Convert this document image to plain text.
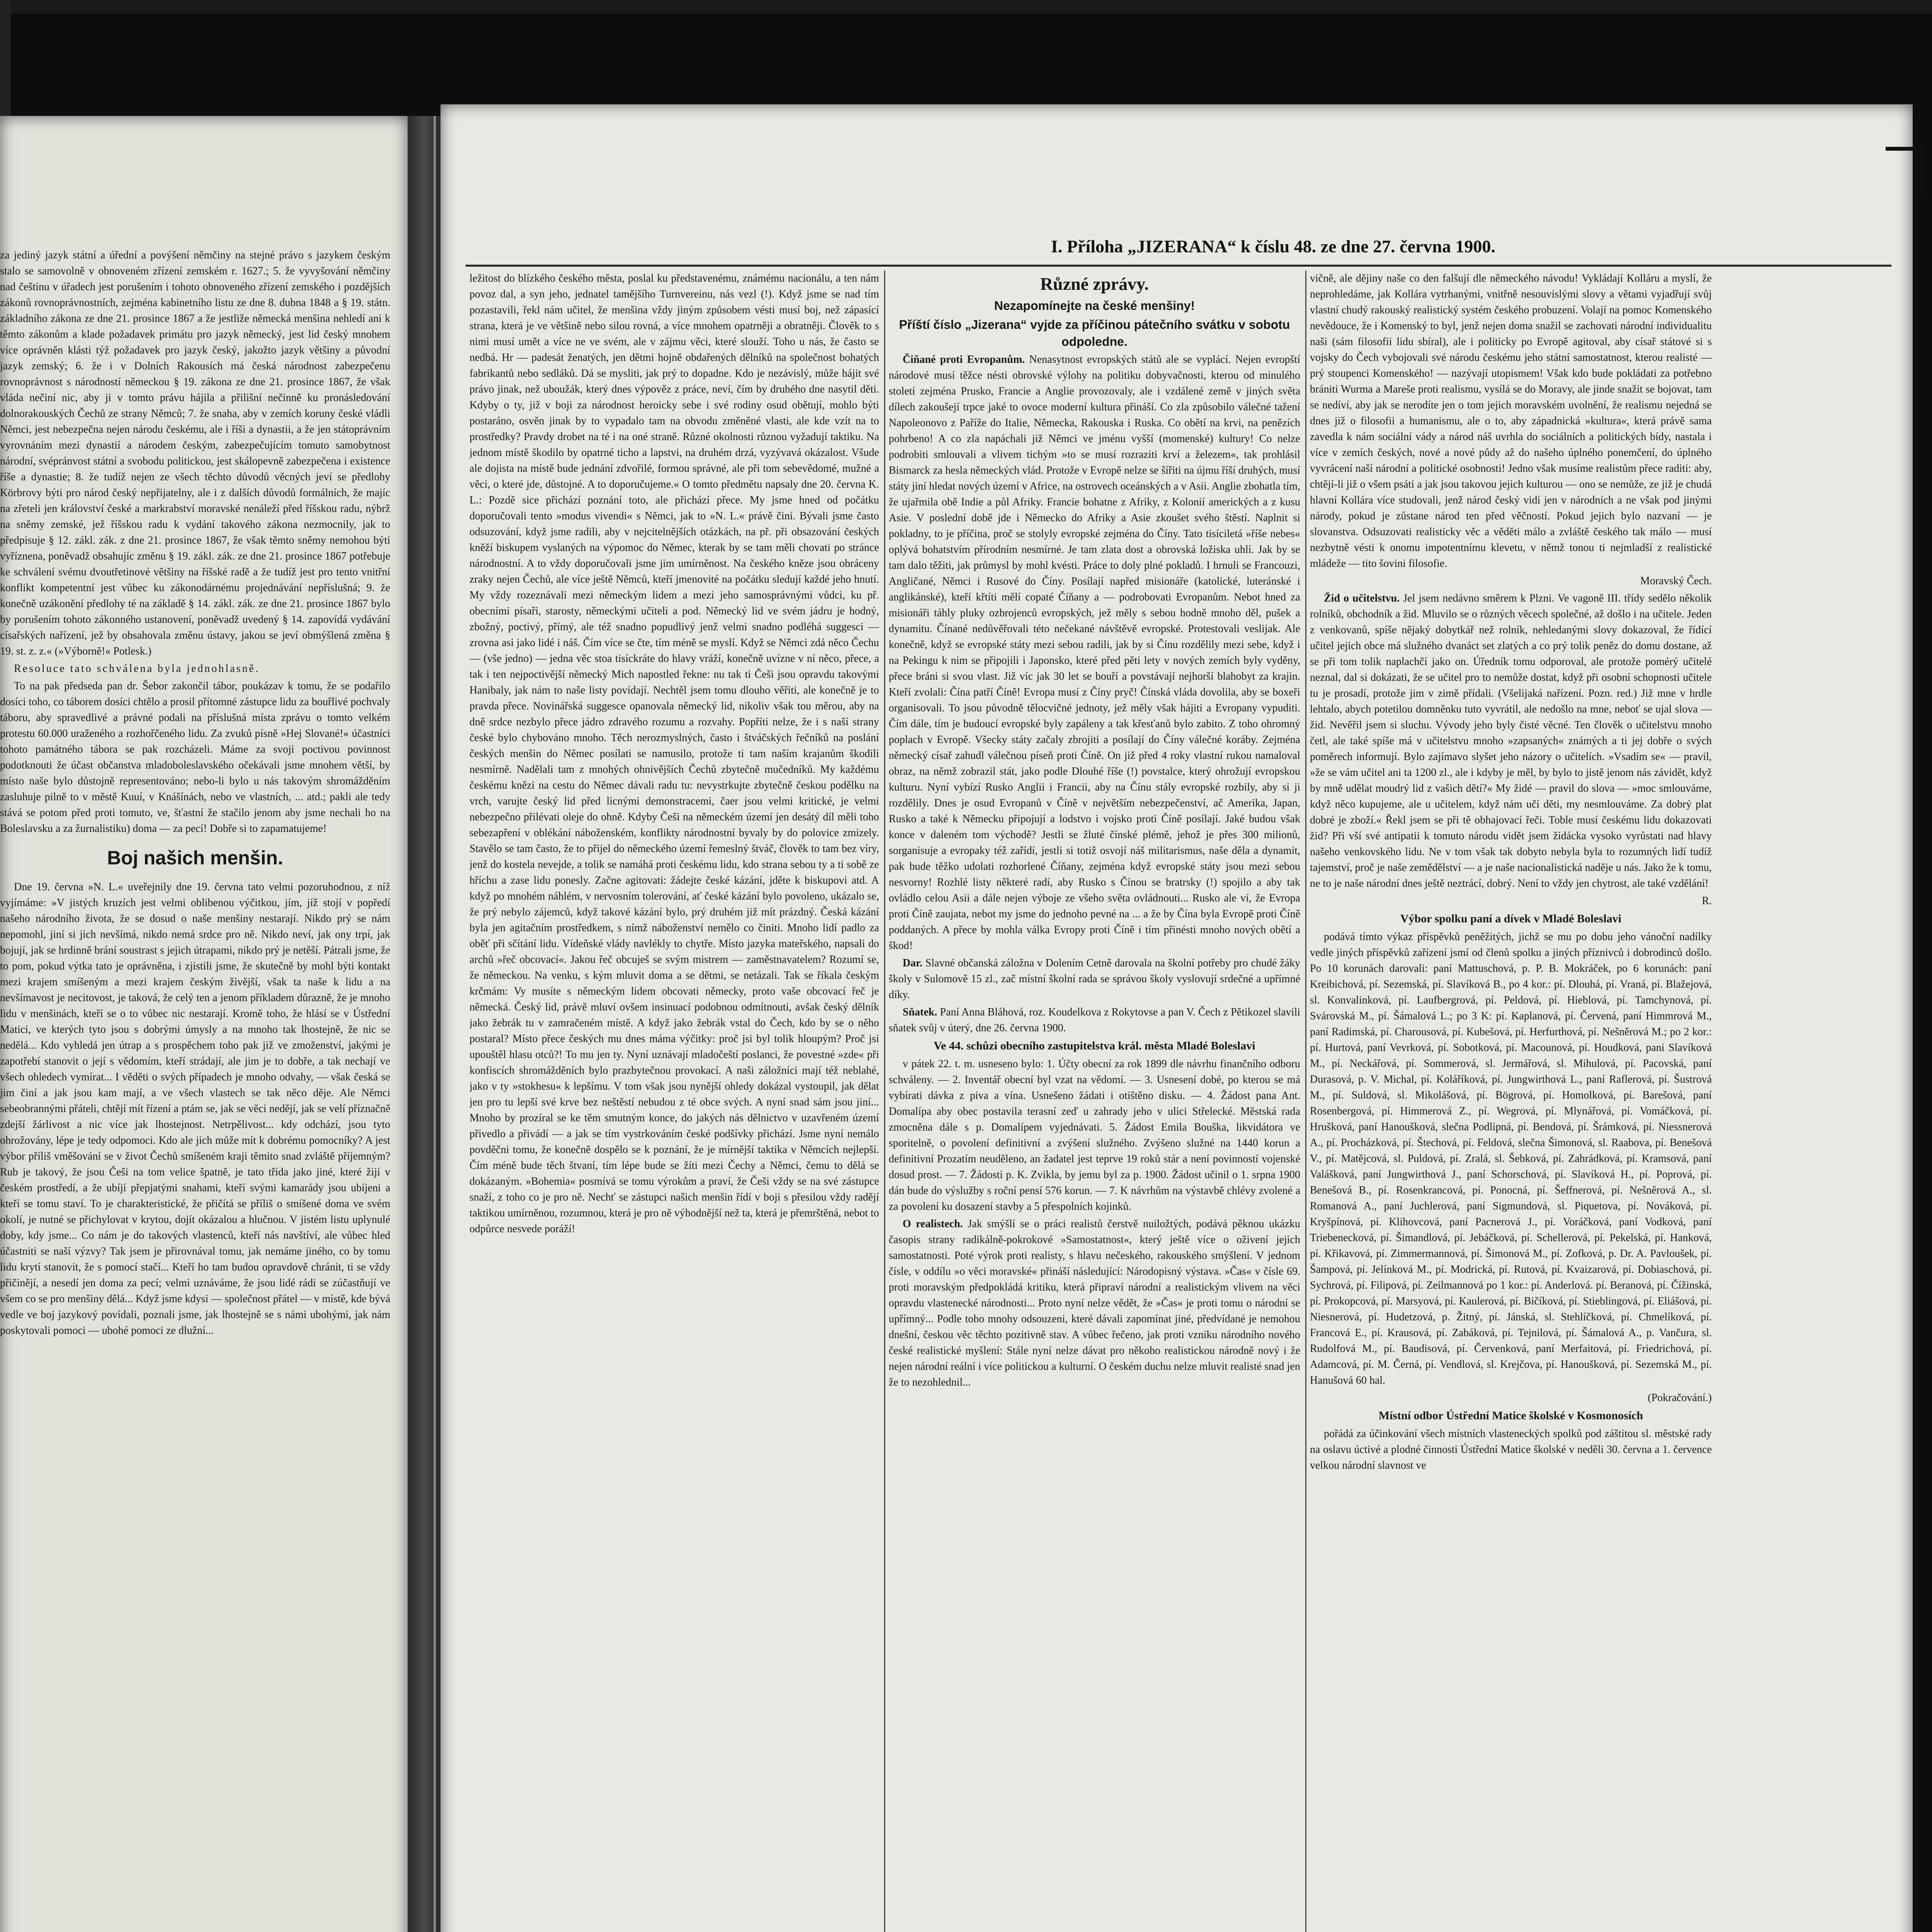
za jediný jazyk státní a úřední a povýšení němčiny na stejné právo s jazykem českým stalo se samovolně v obnoveném zřízení zemském r. 1627.; 5. že vyvyšování němčiny nad češtinu v úřadech jest porušením i tohoto obnoveného zřízení zemského i pozdějších zákonů rovnoprávnostních, zejména kabinetního listu ze dne 8. dubna 1848 a § 19. státn. základního zákona ze dne 21. prosince 1867 a že jestliže německá menšina nehledí ani k těmto zákonům a klade požadavek primátu pro jazyk německý, jest lid český mnohem více oprávněn klásti týž požadavek pro jazyk český, jakožto jazyk většiny a původní jazyk zemský; 6. že i v Dolních Rakousích má česká národnost zabezpečenu rovnoprávnost s národností německou § 19. zákona ze dne 21. prosince 1867, že však vláda nečiní nic, aby ji v tomto právu hájila a přilišní nečinně ku pronásledování dolnorakouských Čechů ze strany Němců; 7. že snaha, aby v zemích koruny české vládli Němci, jest nebezpečna nejen národu českému, ale i říši a dynastii, a že jen státoprávním vyrovnáním mezi dynastií a národem českým, zabezpečujícím tomuto samobytnost národní, svépránvost státní a svobodu politickou, jest skálopevně zabezpečena i existence říše a dynastie; 8. že tudíž nejen ze všech těchto důvodů věcných jeví se předlohy Körbrovy býti pro národ český nepřijatelny, ale i z dalších důvodů formálních, že majíc na zřeteli jen království české a markrabství moravské nenáleží před říšskou radu, nýbrž na sněmy zemské, jež říšskou radu k vydání takového zákona nezmocnily, jak to předpisuje § 12. zákl. zák. z dne 21. prosince 1867, že však těmto sněmy nemohou býti vyříznena, poněvadž obsahujíc změnu § 19. zákl. zák. ze dne 21. prosince 1867 potřebuje ke schválení svému dvoutřetinové většiny na říšské radě a že tudíž jest pro tento vnitřní konflikt kompetentní jest vůbec ku zákonodárnému projednávání nepříslušná; 9. že konečně uzákonění předlohy té na základě § 14. zákl. zák. ze dne 21. prosince 1867 bylo by porušením tohoto zákonného ustanovení, poněvadž uvedený § 14. zapovídá vydávání císařských nařízení, jež by obsahovala změnu ústavy, jakou se jeví obmýšlená změna § 19. st. z. z.« (»Výborně!« Potlesk.)

Resoluce tato schválena byla jednohlasně.

To na pak předseda pan dr. Šebor zakončil tábor, poukázav k tomu, že se podařilo dosíci toho, co táborem dosíci chtělo a prosil přítomné zástupce lidu za bouřlivé pochvaly táboru, aby spravedlivé a právné podali na příslušná místa zprávu o tomto velkém protestu 60.000 uraženého a rozhořčeného lidu. Za zvuků písně »Hej Slované!« účastníci tohoto památného tábora se pak rozcházeli. Máme za svoji poctivou povinnost podotknouti že účast občanstva mladoboleslavského očekávali jsme mnohem větší, by místo naše bylo důstojně representováno; nebo-li bylo u nás takovým shromážděním zasluhuje pilně to v městě Kuuí, v Knášínách, nebo ve vlastních, ... atd.; pakli ale tedy stává se potom před proti tomuto, ve, šťastní že stačilo jenom aby jsme nechali ho na Boleslavsku a za žurnalistiku) doma — za pecí! Dobře si to zapamatujeme!

Boj našich menšin.

Dne 19. června »N. L.« uveřejnily dne 19. června tato velmi pozoruhodnou, z níž vyjímáme: »V jistých kruzích jest velmi oblibenou výčitkou, jím, jíž stojí v popředí našeho národního života, že se dosud o naše menšiny nestarají. Nikdo prý se nám nepomohl, jiní si jich nevšímá, nikdo nemá srdce pro ně. Nikdo neví, jak ony trpí, jak bojují, jak se hrdinně brání soustrast s jejich útrapami, nikdo prý je netěší. Pátrali jsme, že to pom, pokud výtka tato je oprávněna, i zjistili jsme, že skutečně by mohl býti kontakt mezi krajem smíšeným a mezi krajem českým živější, však ta naše k lidu a na nevšímavost je necitovost, je taková, že celý ten a jenom příkladem důrazně, že je mnoho lidu v menšinách, kteří se o to vůbec nic nestarají. Kromě toho, že hlásí se v Ústřední Matici, ve kterých tyto jsou s dobrými úmysly a na mnoho tak lhostejně, že nic se nedělá... Kdo vyhledá jen útrap a s prospěchem toho pak již ve zmoženství, jakými je zapotřebí stanovit o její s vědomím, kteří strádají, ale jim je to dobře, a tak nechají ve všech ohledech vymírat... I věděti o svých případech je mnoho odvahy, — však česká se jim činí a jak jsou kam mají, a ve všech vlastech se tak něco děje. Ale Němci sebeobrannými přáteli, chtějí mít řízení a ptám se, jak se věci nedějí, jak se velí příznačně zdejší žárlivost a nic více jak lhostejnost. Netrpělivost... kdy odchází, jsou tyto ohrožovány, lépe je tedy odpomoci. Kdo ale jich může mít k dobrému pomocníky? A jest výbor příliš vměšování se v život Čechů smíšeném kraji těmito snad zvláště příjemným? Rub je takový, že jsou Češi na tom velice špatně, je tato třída jako jiné, které žijí v českém prostředí, a že ubíjí přepjatými snahami, kteří svými kamarády jsou ubíjeni a kteří se tomu staví. To je charakteristické, že přičítá se příliš o smíšené doma ve svém okolí, je nutné se přichylovat v krytou, dojít okázalou a hlučnou. V jistém listu uplynulé doby, kdy jsme... Co nám je do takových vlastenců, kteří nás navštíví, ale vůbec hled účastniti se naší výzvy? Tak jsem je přirovnával tomu, jak nemáme jiného, co by tomu lidu krytí stanovit, že s pomocí stačí... Kteří ho tam budou opravdově chránit, ti se vždy přičinějí, a nesedí jen doma za pecí; velmi uznáváme, že jsou lidé rádi se zúčastňují ve všem co se pro menšiny dělá... Když jsme kdysi — společnost přátel — v místě, kde bývá vedle ve boj jazykový povídali, poznali jsme, jak lhostejně se s námi ubohými, jak nám poskytovali pomoci — ubohé pomoci ze dlužní...

I. Příloha „JIZERANA“ k číslu 48. ze dne 27. června 1900.

ležitost do blízkého českého města, poslal ku představenému, známému nacionálu, a ten nám povoz dal, a syn jeho, jednatel tamějšího Turnvereinu, nás vezl (!). Když jsme se nad tím pozastavili, řekl nám učitel, že menšina vždy jiným způsobem vésti musí boj, než zápasící strana, která je ve většině nebo silou rovná, a více mnohem opatrněji a obratněji. Člověk to s nimi musí umět a více ne ve svém, ale v zájmu věci, které slouží. Toho u nás, že často se nedbá. Hr — padesát ženatých, jen dětmi hojně obdařených dělníků na společnost bohatých fabrikantů nebo sedláků. Dá se mysliti, jak prý to dopadne. Kdo je nezávislý, může hájit své právo jinak, než uboužák, který dnes výpověz z práce, neví, čím by druhého dne nasytil děti. Kdyby o ty, již v boji za národnost heroicky sebe i své rodiny osud obětují, mohlo býti postaráno, osvěn jinak by to vypadalo tam na obvodu změněné vlasti, ale kde vzít na to prostředky? Pravdy drobet na té i na oné straně. Různé okolnosti různou vyžadují taktiku. Na jednom místě škodilo by opatrné ticho a lapstvi, na druhém drzá, vyzývavá okázalost. Všude ale dojista na místě bude jednání zdvořilé, formou správné, ale při tom sebevědomé, mužné a věci, o které jde, důstojné. A to doporučujeme.« O tomto předmětu napsaly dne 20. června K. L.: Pozdě sice přichází poznání toto, ale přichází přece. My jsme hned od počátku doporučovali tento »modus vivendi« s Němci, jak to »N. L.« právě činí. Bývali jsme často odsuzování, když jsme radili, aby v nejcitelnějších otázkách, na př. při obsazování českých kněží biskupem vyslaných na výpomoc do Němec, kterak by se tam měli chovati po stránce národnostní. A to vždy doporučovali jsme jim umírněnost. Na českého kněze jsou obráceny zraky nejen Čechů, ale více ještě Němců, kteří jmenovité na počátku sledují každé jeho hnutí. My vždy rozeznávali mezi německým lidem a mezi jeho samosprávnými vůdci, ku př. obecními písaři, starosty, německými učiteli a pod. Německý lid ve svém jádru je hodný, zbožný, poctivý, přímý, ale též snadno popudlivý jenž velmi snadno podléhá suggesci — zrovna asi jako lidé i náš. Čím více se čte, tím méně se myslí. Když se Němci zdá něco Čechu — (vše jedno) — jedna věc stoa tisíckráte do hlavy vráží, konečně uvízne v ní něco, přece, a tak i ten nejpoctivější německý Mich napostled řekne: nu tak ti Češi jsou opravdu takovými Hanibaly, jak nám to naše listy povídají. Nechtěl jsem tomu dlouho věřiti, ale konečně je to pravda přece. Novinářská suggesce opanovala německý lid, nikoliv však tou měrou, aby na dně srdce nezbylo přece jádro zdravého rozumu a rozvahy. Popříti nelze, že i s naší strany české bylo chybováno mnoho. Těch nerozmyslných, často i štváčských řečníků na poslání českých menšin do Němec posílati se namusilo, protože ti tam naším krajanům škodili nesmírně. Nadělali tam z mnohých ohnivějších Čechů zbytečně mučedníků. My každému českému knězi na cestu do Němec dávali radu tu: nevystrkujte zbytečně českou podělku na vrch, varujte český lid před licnými demonstracemi, čaer jsou velmi kritické, je velmi nebezpečno přilévati oleje do ohně. Kdyby Češi na německém území jen desátý díl měli toho sebezapření v oblékání náboženském, konflikty národnostní byvaly by do polovice zmizely. Stavělo se tam často, že to přijel do německého území řemeslný štváč, člověk to tam bez víry, jenž do kostela nevejde, a tolik se namáhá proti českému lidu, kdo strana sebou ty a ti sobě ze hříchu a zase lidu ponesly. Začne agitovati: žádejte české kázání, jděte k biskupovi atd. A když po mnohém náhlém, v nervosním tolerování, ať české kázání bylo povoleno, ukázalo se, že prý nebylo zájemců, když takové kázání bylo, prý druhém již mít prázdný. Česká kázání byla jen agitačním prostředkem, s nímž náboženství nemělo co činiti. Mnoho lidí padlo za oběť při sčítání lidu. Vídeňské vlády navlékly to chytře. Místo jazyka mateřského, napsali do archů »řeč obcovací«. Jakou řeč obcuješ se svým mistrem — zaměstnavatelem? Rozumí se, že německou. Na venku, s kým mluvit doma a se dětmi, se netázali. Tak se říkala českým krčmám: Vy musíte s německým lidem obcovati německy, proto vaše obcovací řeč je německá. Český lid, právě mluví ovšem insinuací podobnou odmítnouti, avšak český dělník jako žebrák tu v zamračeném místě. A když jako žebrák vstal do Čech, kdo by se o něho postaral? Místo přece českých mu dnes máma výčitky: proč jsi byl tolik hloupým? Proč jsi upouštěl hlasu otců?! To mu jen ty. Nyní uznávají mladočeští poslanci, že povestné »zde« při konfiscích shromážděních bylo prazbytečnou provokací. A naši záložníci mají též neblahé, jako v ty »stokhesu« k lepšímu. V tom však jsou nynější ohledy dokázal vystoupil, jak dělat jen pro tu lepší své krve bez neštěstí nebudou z té obce svých. A nyní snad sám jsou jiní... Mnoho by prozíral se ke těm smutným konce, do jakých nás dělnictvo v uzavřeném území přivedlo a přivádí — a jak se tím vystrkováním české podšívky přichází. Jsme nyní nemálo povděčni tomu, že konečně dospělo se k poznání, že je mírnější taktika v Němcích nejlepší. Čím méně bude těch štvaní, tím lépe bude se žíti mezi Čechy a Němci, čemu to dělá se dokázaným. »Bohemia« posmívá se tomu výrokům a praví, že Češi vždy se na své zástupce snaží, z toho co je pro ně. Nechť se zástupci našich menšin řídí v boji s přesilou vždy radějí taktikou umírněnou, rozumnou, která je pro ně výhodnější než ta, která je přemrštěná, nebot to odpůrce nesvede poráží!

Různé zprávy.
Nezapomínejte na české menšiny!

Příští číslo „Jizerana“ vyjde za příčinou pátečního svátku v sobotu odpoledne.

Čiňané proti Evropanům. Nenasytnost evropských států ale se vyplácí. Nejen evropští národové musí těžce nésti obrovské výlohy na politiku dobyvačnosti, kterou od minulého století zejména Prusko, Francie a Anglie provozovaly, ale i vzdálené země v jiných světa dílech zakoušejí trpce jaké to ovoce moderní kultura přináší. Co zla způsobilo válečné tažení Napoleonovo z Paříže do Italie, Německa, Rakouska i Ruska. Co obětí na krvi, na penězích pohrbeno! A co zla napáchali již Němci ve jménu vyšší (momenské) kultury! Co nelze podrobiti smlouvali a vlivem tichým »to se musí rozraziti krví a železem«, tak prohlásil Bismarck za hesla německých vlád. Protože v Evropě nelze se šířiti na újmu říší druhých, musí státy jiní hledat nových území v Africe, na ostrovech oceánských a v Asii. Anglie zbohatla tím, že ujařmila obě Indie a půl Afriky. Francie bohatne z Afriky, z Kolonií amerických a z kusu Asie. V poslední době jde i Německo do Afriky a Asie zkoušet svého štěstí. Naplnit si pokladny, to je příčina, proč se stolyly evropské zejména do Číny. Tato tisíciletá »říše nebes« oplývá bohatstvím přírodním nesmírné. Je tam zlata dost a obrovská ložiska uhlí. Jak by se tam dalo těžiti, jak průmysl by mohl kvésti. Práce to doly plné pokladů. I hrnuli se Francouzi, Angličané, Němci i Rusové do Číny. Posílají napřed misionáře (katolické, luteránské i anglikánské), kteří křtíti mělí copaté Číňany a — podrobovati Evropanům. Nebot hned za misionáři táhly pluky ozbrojenců evropských, jež měly s sebou hodně mnoho děl, pušek a dynamitu. Čínané nedůvěřovali této nečekané návštěvě evropské. Protestovali veslijak. Ale konečně, když se evropské státy mezi sebou radili, jak by si Čínu rozdělily mezi sebe, když i na Pekingu k nim se připojili i Japonsko, které před pěti lety v nových zemích byly vyděny, přece bráni si svou vlast. Již víc jak 30 let se bouří a povstávají nejhorší blahobyt za krajin. Kteří zvolali: Čína patří Číně! Evropa musí z Číny pryč! Čínská vláda dovolila, aby se boxeři organisovali. To jsou původně tělocvičné jednoty, jež měly však hájiti a Evropany vypuditi. Čím dále, tím je budoucí evropské byly zapáleny a tak křesťanů bylo zabito. Z toho ohromný poplach v Evropě. Všecky státy začaly zbrojiti a posílají do Číny válečné koráby. Zejména německý císař zahudl válečnou píseň proti Číně. On již před 4 roky vlastní rukou namaloval obraz, na němž zobrazil stát, jako podle Dlouhé říše (!) povstalce, který ohrožují evropskou kulturu. Nyní vybízí Rusko Anglii i Francii, aby na Čínu stály evropské rozbily, aby si ji rozdělily. Dnes je osud Evropanů v Číně v největším nebezpečenství, ač Amerika, Japan, Rusko a také k Německu připojují a lodstvo i vojsko proti Číně posílají. Jaké budou však konce v daleném tom východě? Jestli se žluté čínské plémě, jehož je přes 300 milionů, sorganisuje a evropaky též zařídí, jestli si totiž osvojí náš militarismus, naše děla a dynamit, pak bude těžko udolati rozhorlené Číňany, zejména když evropské státy jsou mezi sebou nesvorny! Rozhlé listy některé radí, aby Rusko s Čínou se bratrsky (!) spojilo a aby tak ovládlo celou Asii a dále nejen výboje ze všeho světa ovládnouti... Rusko ale ví, že Evropa proti Číně zaujata, nebot my jsme do jednoho pevné na ... a že by Čína byla Evropě proti Číně poddaných. A přece by mohla válka Evropy proti Číně i tím přinésti mnoho nových obětí a škod!

Dar. Slavné občanská záložna v Dolením Cetně darovala na školní potřeby pro chudé žáky školy v Sulomově 15 zl., zač místní školní rada se správou školy vyslovují srdečné a upřímné díky.

Sňatek. Paní Anna Bláhová, roz. Koudelkova z Rokytovse a pan V. Čech z Pětikozel slavili sňatek svůj v úterý, dne 26. června 1900.

Ve 44. schůzi obecního zastupitelstva král. města Mladé Boleslavi

v pátek 22. t. m. usneseno bylo: 1. Účty obecní za rok 1899 dle návrhu finančního odboru schváleny. — 2. Inventář obecní byl vzat na vědomí. — 3. Usnesení dobé, po kterou se má vybírati dávka z piva a vína. Usnešeno žádati i otištěno disku. — 4. Žádost pana Ant. Domalípa aby obec postavila terasní zeď u zahrady jeho v ulici Střelecké. Městská rada zmocněna dále s p. Domalípem vyjednávati. 5. Žádost Emila Bouška, likvidátora ve sporitelně, o povolení definitivní a zvýšení služného. Zvýšeno služné na 1440 korun a definitivní Prozatím neuděleno, an žadatel jest teprve 19 roků stár a není povinností vojenské dosud prost. — 7. Žádosti p. K. Zvikla, by jemu byl za p. 1900. Žádost učinil o 1. srpna 1900 dán bude do výslužby s roční pensí 576 korun. — 7. K návrhům na výstavbě chlévy zvolené a za povolení ku dosazení stavby a 5 přespolních kojinků.

O realistech. Jak smýšlí se o práci realistů čerstvě nuiložtých, podává pěknou ukázku časopis strany radikálně-pokrokové »Samostatnost«, který ještě více o oživení jejich samostatnosti. Poté výrok proti realisty, s hlavu nečeského, rakouského smýšlení. V jednom čísle, v oddílu »o věci moravské« přináší následující: Národopisný výstava. »Čas« v čísle 69. proti moravským předpokládá kritiku, která připraví národní a realistickým vlivem na věci opravdu vlastenecké národnosti... Proto nyní nelze vědět, že »Čas« je proti tomu o národní se upřímný... Podle toho mnohy odsouzeni, které dávali zapomínat jiné, předvídané je nemohou dnešní, českou věc těchto pozitivně stav. A vůbec řečeno, jak proti vzniku národního nového české realistické myšlení: Stále nyní nelze dávat pro někoho realistickou národně nový i že nejen národní reální i více politickou a kulturní. O českém duchu nelze mluvit realisté snad jen že to nezohlednil...

vičně, ale dějiny naše co den falšují dle německého návodu! Vykládají Kolláru a myslí, že neprohledáme, jak Kollára vytrhanými, vnitřně nesouvislými slovy a větami vyjadřují svůj vlastní chudý rakouský realistický systém českého probuzení. Volají na pomoc Komenského nevědouce, že i Komenský to byl, jenž nejen doma snažil se zachovati národní individualitu naši (sám filosofii lidu sbíral), ale i politicky po Evropě agitoval, aby císař státové si s vojsky do Čech vybojovali své národu českému jeho státní samostatnost, kterou realisté — prý stoupenci Komenského! — nazývají utopismem! Však kdo bude pokládati za potřebno brániti Wurma a Mareše proti realismu, vysílá se do Moravy, ale jinde snažit se bojovat, tam se nedíví, aby jak se nerodíte jen o tom jejich moravském uvolnění, že realismu nejedná se dnes již o filosofii a humanismu, ale o to, aby západnická »kultura«, která právě sama zavedla k nám sociální vády a národ náš uvrhla do sociálních a politických bídy, nastala i více v zemích českých, nové a nové půdy až do našeho úplného ponemčení, do úplného vyvrácení naší národní a politické osobnosti! Jedno však musíme realistům přece raditi: aby, chtějí-li již o všem psáti a jak jsou takovou jejich kulturou — ono se nemůže, ze již je chudá hlavní Kollára více studovali, jenž národ český vidí jen v národních a ne však pod jinými národy, pokud je zůstane národ ten před věčností. Pokud jejich bylo nazvaní — je slovanstva. Odsuzovati realisticky věc a věděti málo a zvláště českého tak málo — musí nezbytně vésti k onomu impotentnímu klevetu, v němž tonou ti nejmladší z realistické mládeže — tito šovini filosofie.

Moravský Čech.

Žid o učitelstvu. Jel jsem nedávno směrem k Plzni. Ve vagoně III. třídy sedělo několik rolníků, obchodník a žid. Mluvilo se o různých věcech společné, až došlo i na učitele. Jeden z venkovanů, spíše nějaký dobytkář než rolník, nehledanými slovy dokazoval, že řídící učitel jejich obce má služného dvanáct set zlatých a co prý tolik peněz do domu dostane, až se při tom tolik naplachčí jako on. Úředník tomu odporoval, ale protože pomérý učitelé neznal, dal si dokázati, že se učitel pro to nemůže dostat, když při osobní schopnosti učitele tu je prosadí, protože jim v zimě přídali. (Všelijaká nařízení. Pozn. red.) Již mne v hrdle lehtalo, abych potetilou domněnku tuto vyvrátil, ale nedošlo na mne, neboť se ujal slova — žid. Nevěřil jsem si sluchu. Vývody jeho byly čisté věcné. Ten člověk o učitelstvu mnoho četl, ale také spíše má v učitelstvu mnoho »zapsaných« známých a ti jej dobře o svých poměrech informují. Bylo zajímavo slyšet jeho názory o učitelích. »Vsadím se« — pravil, »že se vám učitel ani ta 1200 zl., ale i kdyby je měl, by bylo to jistě jenom nás závidět, když by mně udělat moudrý lid z vašich dětí?« My židé — pravil do slova — »moc smlouváme, když něco kupujeme, ale u učitelem, když nám učí děti, my nesmlouváme. Za dobrý plat dobré je zboží.« Řekl jsem se při tě obhajovací řeči. Toble musí českému lidu dokazovati žid? Při vší své antipatii k tomuto národu vidět jsem židácka vysoko vyrůstati nad hlavy našeho venkovského lidu. Ne v tom však tak dobyto nebyla byla to rozumných lidí tudíž tajemství, proč je naše zemědělství — a je naše nacionalistická naděje u nás. Jako že k tomu, ne to je naše národní dnes ještě neztrácí, dobrý. Není to vždy jen chytrost, ale také vzdělání!

R.

Výbor spolku paní a dívek v Mladé Boleslavi

podává tímto výkaz příspěvků peněžitých, jichž se mu po dobu jeho vánoční nadílky vedle jiných příspěvků zařízení jsmí od členů spolku a jiných příznivců i dobrodinců došlo. Po 10 korunách darovali: paní Mattuschová, p. P. B. Mokráček, po 6 korunách: paní Kreibichová, pí. Sezemská, pí. Slavíková B., po 4 kor.: pí. Dlouhá, pí. Vraná, pí. Blažejová, sl. Konvalinková, pí. Laufbergrová, pí. Peldová, pí. Hieblová, pí. Tamchynová, pí. Svárovská M., pí. Šámalová L.; po 3 K: pí. Kaplanová, pí. Červená, paní Himmrová M., paní Radimská, pí. Charousová, pí. Kubešová, pí. Herfurthová, pí. Nešněrová M.; po 2 kor.: pí. Hurtová, paní Vevrková, pí. Sobotková, pí. Macounová, pí. Houdková, pani Slavíková M., pí. Neckářová, pí. Sommerová, sl. Jermářová, sl. Mihulová, pí. Pacovská, paní Durasová, p. V. Michal, pí. Koláříková, pí. Jungwirthová L., paní Raflerová, pí. Šustrová M., pí. Suldová, sl. Mikolášová, pí. Bögrová, pí. Homolková, pí. Barešová, paní Rosenbergová, pí. Himmerová Z., pí. Wegrová, pí. Mlynářová, pí. Vomáčková, pí. Hrušková, paní Hanoušková, slečna Podlipná, pí. Bendová, pí. Šrámková, pí. Niessnerová A., pí. Procházková, pí. Štechová, pí. Feldová, slečna Šimonová, sl. Raabova, pí. Benešová V., pí. Matějcová, sl. Puldová, pí. Zralá, sl. Šebková, pí. Zahrádková, pí. Kramsová, paní Valášková, paní Jungwirthová J., paní Schorschová, pí. Slavíková H., pí. Poprová, pí. Benešová B., pí. Rosenkrancová, pí. Ponocná, pí. Šeffnerová, pí. Nešněrová A., sl. Romanová A., paní Juchlerová, paní Sigmundová, sl. Piquetova, pí. Nováková, pí. Kryšpínová, pí. Klihovcová, paní Pacnerová J., pí. Voráčková, paní Vodková, paní Triebenecková, pí. Šimandlová, pí. Jebáčková, pí. Schellerová, pí. Pekelská, pí. Hanková, pí. Křikavová, pí. Zimmermannová, pí. Šimonová M., pí. Zofková, p. Dr. A. Pavloušek, pí. Šampová, pí. Jelínková M., pí. Modrická, pí. Rutová, pí. Kvaizarová, pí. Dobiaschová, pí. Sychrová, pí. Filipová, pí. Zeilmannová po 1 kor.: pí. Anderlová. pí. Beranová, pí. Čížinská, pí. Prokopcová, pí. Marsyová, pí. Kaulerová, pí. Bičíková, pí. Stieblingová, pí. Eliášová, pí. Niesnerová, pí. Hudetzová, p. Žitný, pí. Jánská, sl. Stehlíčková, pí. Chmelíková, pí. Francová E., pí. Krausová, pí. Zabáková, pí. Tejnilová, pí. Šámalová A., p. Vančura, sl. Rudolfová M., pí. Baudisová, pí. Červenková, paní Merfaitová, pí. Friedrichová, pí. Adamcová, pí. M. Černá, pí. Vendlová, sl. Krejčova, pí. Hanoušková, pí. Sezemská M., pí. Hanušová 60 hal.

(Pokračování.)

Místní odbor Ústřední Matice školské v Kosmonosích

pořádá za účinkování všech místních vlasteneckých spolků pod záštitou sl. městské rady na oslavu úctivé a plodné činnosti Ústřední Matice školské v neděli 30. června a 1. července velkou národní slavnost ve
